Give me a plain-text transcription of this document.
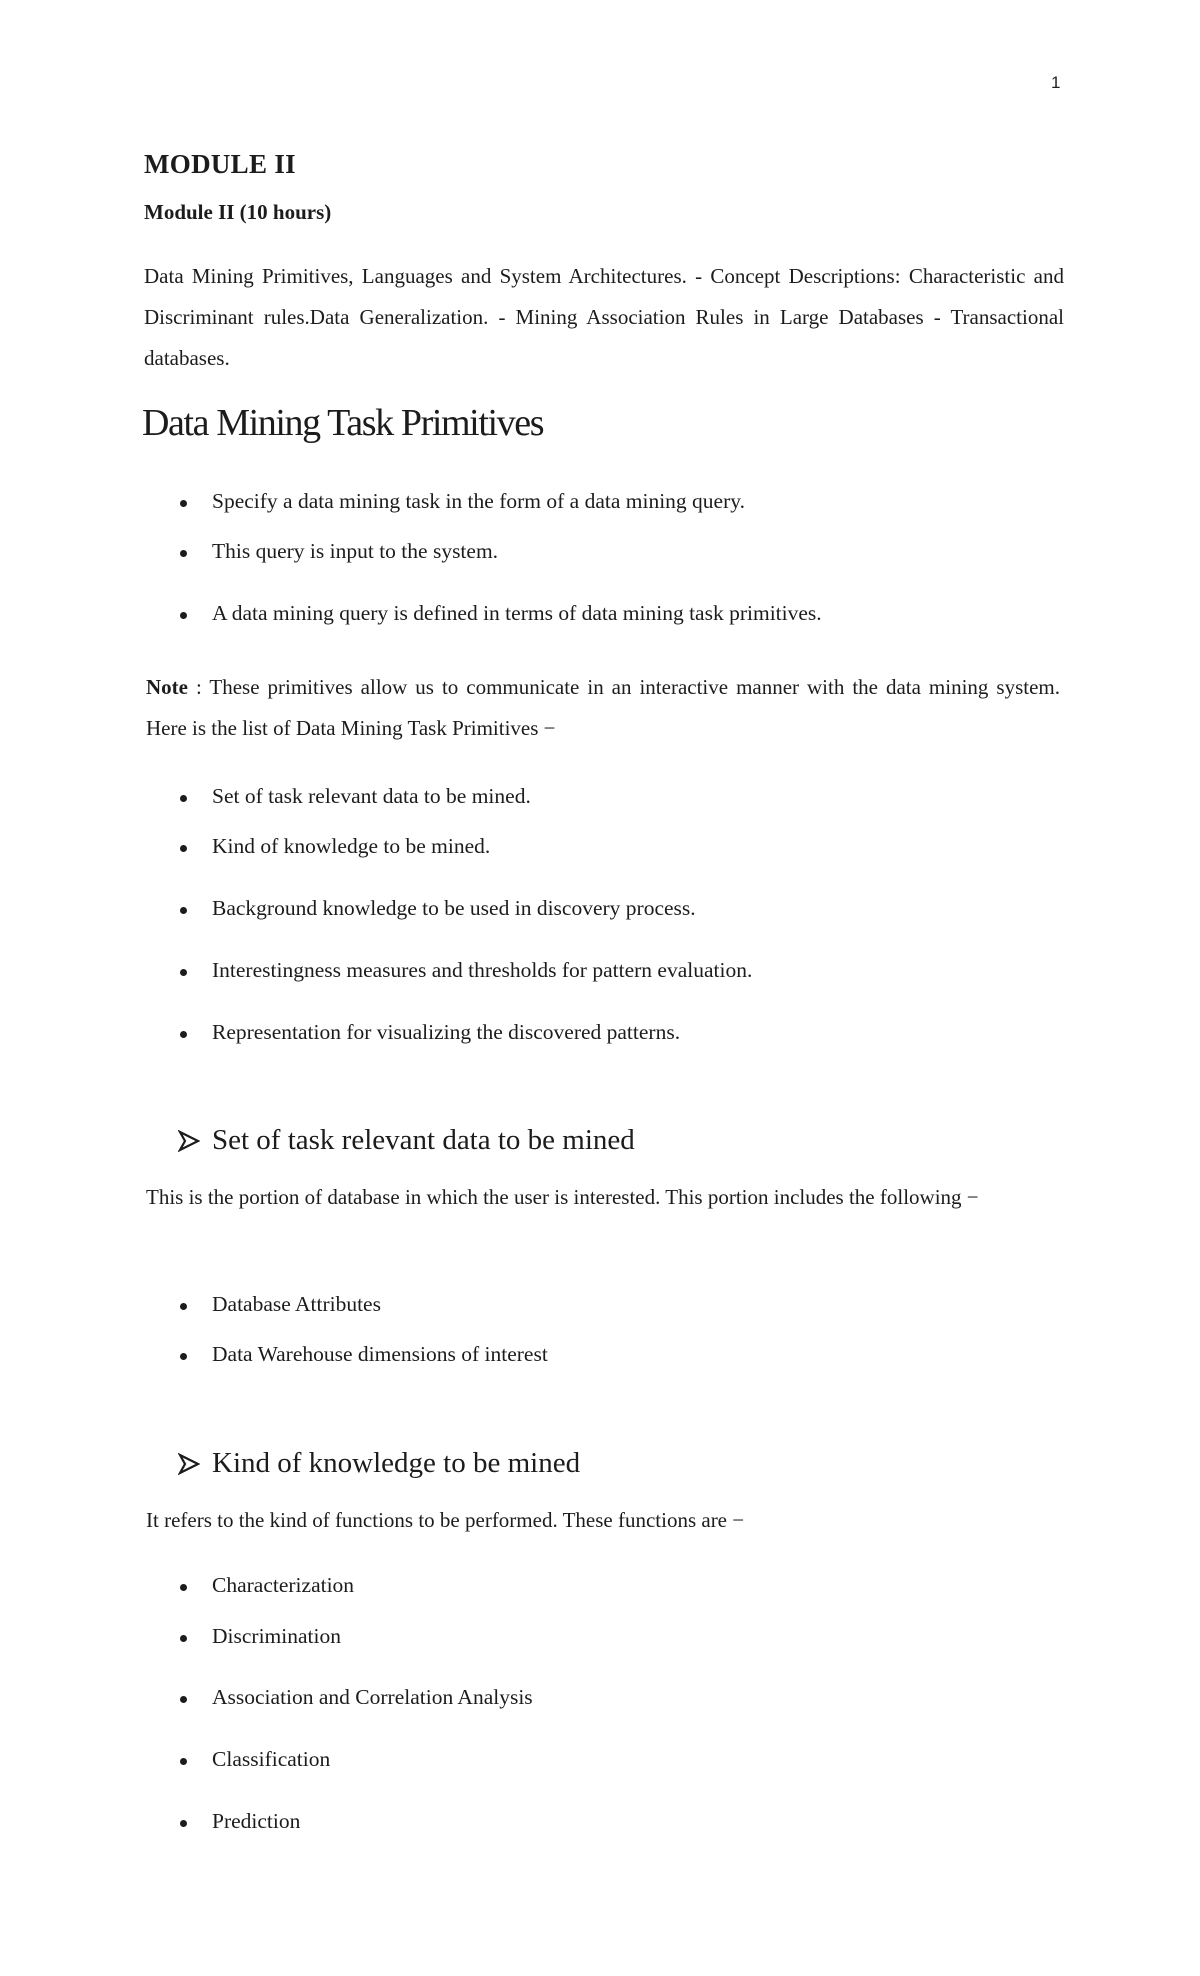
1
MODULE II
Module II (10 hours)

Data Mining Primitives, Languages and System Architectures. - Concept Descriptions: Characteristic and Discriminant rules.Data Generalization. - Mining Association Rules in Large Databases - Transactional databases.

Data Mining Task Primitives
Specify a data mining task in the form of a data mining query.
This query is input to the system.
A data mining query is defined in terms of data mining task primitives.

Note : These primitives allow us to communicate in an interactive manner with the data mining system. Here is the list of Data Mining Task Primitives −

Set of task relevant data to be mined.
Kind of knowledge to be mined.
Background knowledge to be used in discovery process.
Interestingness measures and thresholds for pattern evaluation.
Representation for visualizing the discovered patterns.
Set of task relevant data to be mined

This is the portion of database in which the user is interested. This portion includes the following −

Database Attributes
Data Warehouse dimensions of interest
Kind of knowledge to be mined

It refers to the kind of functions to be performed. These functions are −

Characterization
Discrimination
Association and Correlation Analysis
Classification
Prediction
